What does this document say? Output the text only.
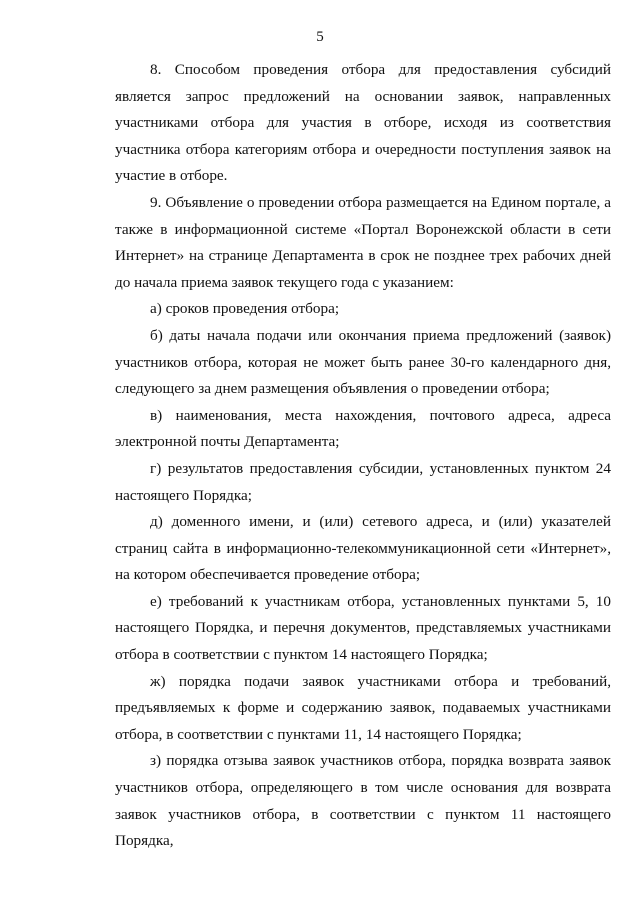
5

8. Способом проведения отбора для предоставления субсидий является запрос предложений на основании заявок, направленных участниками отбора для участия в отборе, исходя из соответствия участника отбора категориям отбора и очередности поступления заявок на участие в отборе.

9. Объявление о проведении отбора размещается на Едином портале, а также в информационной системе «Портал Воронежской области в сети Интернет» на странице Департамента в срок не позднее трех рабочих дней до начала приема заявок текущего года с указанием:

а) сроков проведения отбора;

б) даты начала подачи или окончания приема предложений (заявок) участников отбора, которая не может быть ранее 30-го календарного дня, следующего за днем размещения объявления о проведении отбора;

в) наименования, места нахождения, почтового адреса, адреса электронной почты Департамента;

г) результатов предоставления субсидии, установленных пунктом 24 настоящего Порядка;

д) доменного имени, и (или) сетевого адреса, и (или) указателей страниц сайта в информационно-телекоммуникационной сети «Интернет», на котором обеспечивается проведение отбора;

е) требований к участникам отбора, установленных пунктами 5, 10 настоящего Порядка, и перечня документов, представляемых участниками отбора в соответствии с пунктом 14 настоящего Порядка;

ж) порядка подачи заявок участниками отбора и требований, предъявляемых к форме и содержанию заявок, подаваемых участниками отбора, в соответствии с пунктами 11, 14 настоящего Порядка;

з) порядка отзыва заявок участников отбора, порядка возврата заявок участников отбора, определяющего в том числе основания для возврата заявок участников отбора, в соответствии с пунктом 11 настоящего Порядка,
